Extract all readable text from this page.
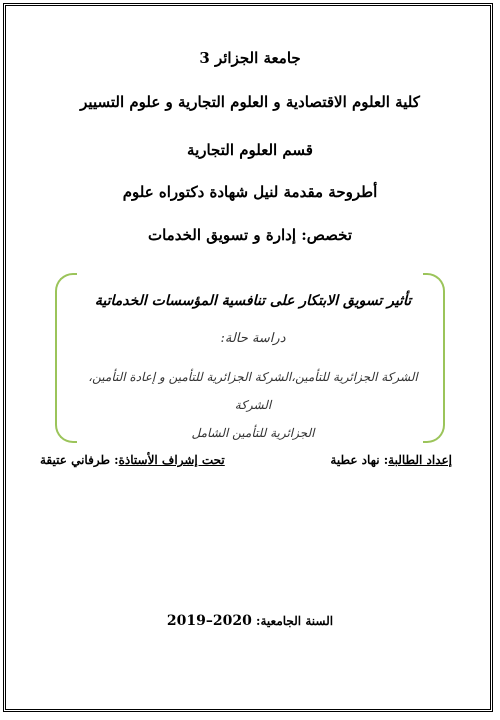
جامعة الجزائر 3
كلية العلوم الاقتصادية و العلوم التجارية و علوم التسيير
قسم العلوم التجارية
أطروحة مقدمة لنيل شهادة دكتوراه علوم
تخصص: إدارة و تسويق الخدمات
تأثير تسويق الابتكار على تنافسية المؤسسات الخدماتية
دراسة حالة:
الشركة الجزائرية للتأمين،الشركة الجزائرية للتأمين و إعادة التأمين، الشركة
الجزائرية للتأمين الشامل
إعداد الطالبة: نهاد عطية
تحت إشراف الأستاذة: طرفاني عتيقة
السنة الجامعية: 2020–2019
